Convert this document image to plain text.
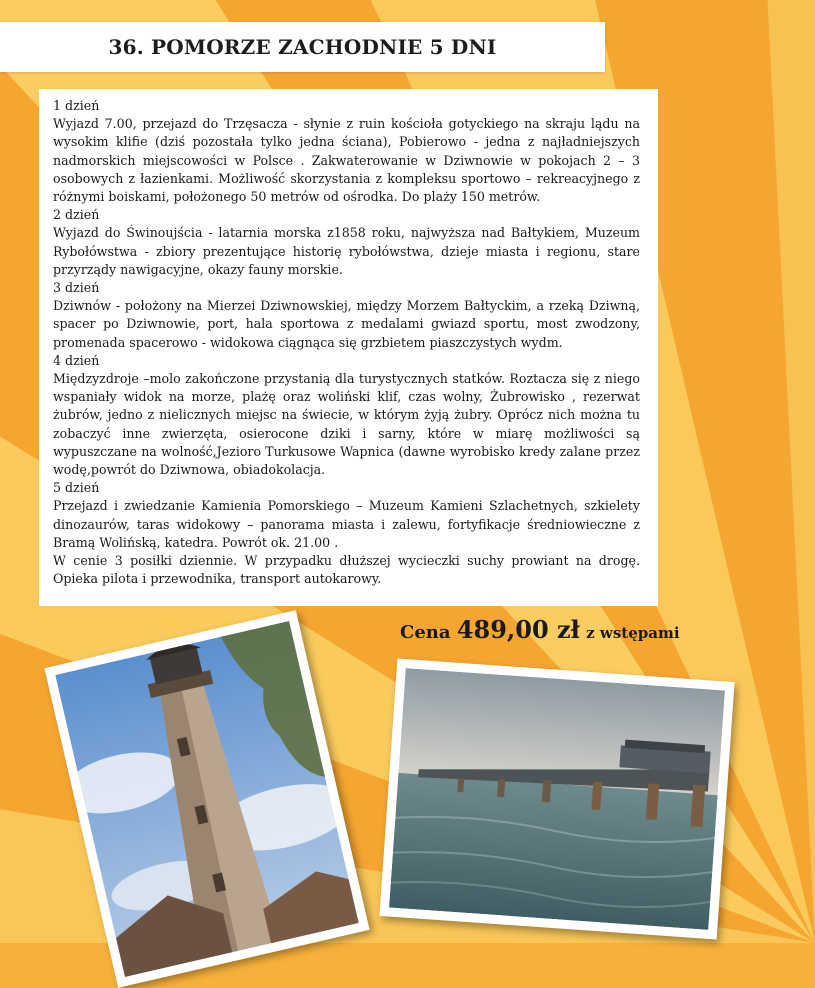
36. POMORZE ZACHODNIE 5 DNI

1 dzień

Wyjazd 7.00, przejazd do Trzęsacza - słynie z ruin kościoła gotyckiego na skraju lądu na wysokim klifie (dziś pozostała tylko jedna ściana), Pobierowo - jedna z najładniejszych nadmorskich miejscowości w Polsce . Zakwaterowanie w Dziwnowie w pokojach 2 – 3 osobowych z łazienkami. Możliwość skorzystania z kompleksu sportowo – rekreacyjnego z różnymi boiskami, położonego 50 metrów od ośrodka. Do plaży 150 metrów.

2 dzień

Wyjazd do Świnoujścia - latarnia morska z1858 roku, najwyższa nad Bałtykiem, Muzeum Rybołówstwa - zbiory prezentujące historię rybołówstwa, dzieje miasta i regionu, stare przyrządy nawigacyjne, okazy fauny morskie.

3 dzień

Dziwnów - położony na Mierzei Dziwnowskiej, między Morzem Bałtyckim, a rzeką Dziwną, spacer po Dziwnowie, port, hala sportowa z medalami gwiazd sportu, most zwodzony, promenada spacerowo - widokowa ciągnąca się grzbietem piaszczystych wydm.

4 dzień

Międzyzdroje –molo zakończone przystanią dla turystycznych statków. Roztacza się z niego wspaniały widok na morze, plażę oraz woliński klif, czas wolny, Żubrowisko , rezerwat żubrów, jedno z nielicznych miejsc na świecie, w którym żyją żubry. Oprócz nich można tu zobaczyć inne zwierzęta, osierocone dziki i sarny, które w miarę możliwości są wypuszczane na wolność,Jezioro Turkusowe Wapnica (dawne wyrobisko kredy zalane przez wodę,powrót do Dziwnowa, obiadokolacja.

5 dzień

Przejazd i zwiedzanie Kamienia Pomorskiego – Muzeum Kamieni Szlachetnych, szkielety dinozaurów, taras widokowy – panorama miasta i zalewu, fortyfikacje średniowieczne z Bramą Wolińską, katedra. Powrót ok. 21.00 .

W cenie 3 posiłki dziennie. W przypadku dłuższej wycieczki suchy prowiant na drogę. Opieka pilota i przewodnika, transport autokarowy.

Cena 489,00 zł z wstępami
